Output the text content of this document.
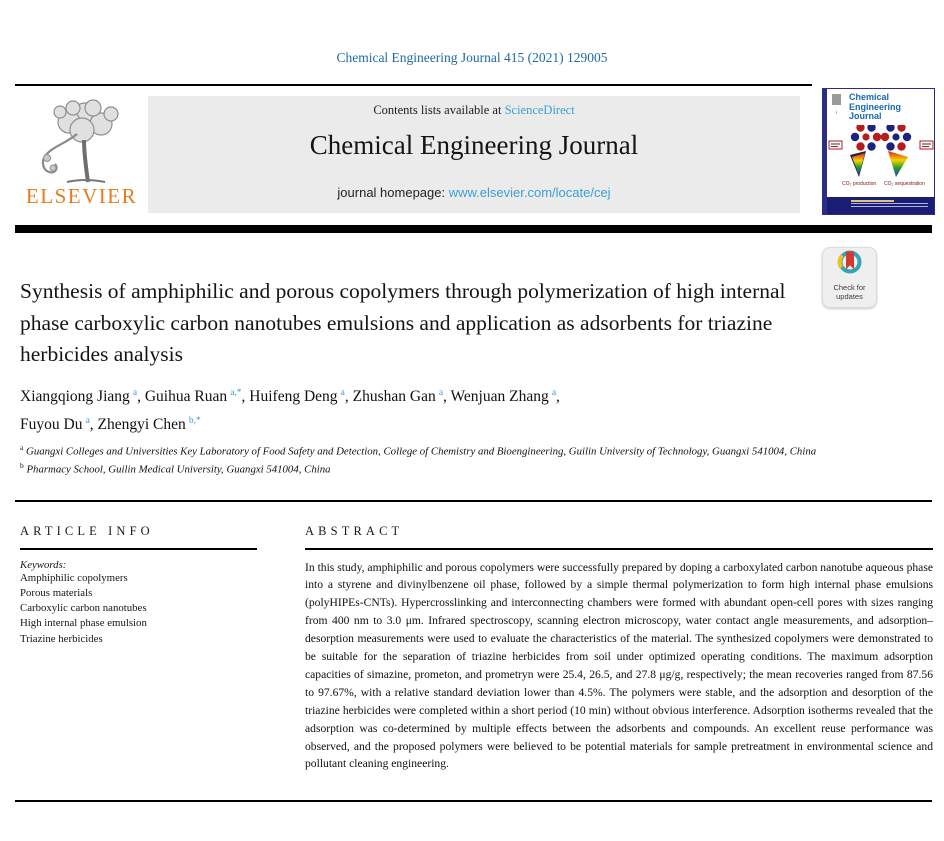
Chemical Engineering Journal 415 (2021) 129005
ELSEVIER
Contents lists available at ScienceDirect
Chemical Engineering Journal
journal homepage: www.elsevier.com/locate/cej
Chemical
Engineering
Journal
CO₂ production CO₂ sequestration
Synthesis of amphiphilic and porous copolymers through polymerization of high internal phase carboxylic carbon nanotubes emulsions and application as adsorbents for triazine herbicides analysis
Check for
updates
Xiangqiong Jiang  $^a$, Guihua Ruan  $^{a,*}$, Huifeng Deng  $^a$, Zhushan Gan  $^a$, Wenjuan Zhang  $^a$,
Fuyou Du  $^a$, Zhengyi Chen  $^{b,*}$
$^a$ Guangxi Colleges and Universities Key Laboratory of Food Safety and Detection, College of Chemistry and Bioengineering, Guilin University of Technology, Guangxi 541004, China
$^b$ Pharmacy School, Guilin Medical University, Guangxi 541004, China
ARTICLE INFO
Keywords:
Amphiphilic copolymers
Porous materials
Carboxylic carbon nanotubes
High internal phase emulsion
Triazine herbicides
ABSTRACT

In this study, amphiphilic and porous copolymers were successfully prepared by doping a carboxylated carbon nanotube aqueous phase into a styrene and divinylbenzene oil phase, followed by a simple thermal polymerization to form high internal phase emulsions (polyHIPEs-CNTs). Hypercrosslinking and interconnecting chambers were formed with abundant open-cell pores with sizes ranging from 400 nm to 3.0 μm. Infrared spectroscopy, scanning electron microscopy, water contact angle measurements, and adsorption–desorption measurements were used to evaluate the characteristics of the material. The synthesized copolymers were demonstrated to be suitable for the separation of triazine herbicides from soil under optimized operating conditions. The maximum adsorption capacities of simazine, prometon, and prometryn were 25.4, 26.5, and 27.8 μg/g, respectively; the mean recoveries ranged from 87.56 to 97.67%, with a relative standard deviation lower than 4.5%. The polymers were stable, and the adsorption and desorption of the triazine herbicides were completed within a short period (10 min) without obvious interference. Adsorption isotherms revealed that the adsorption was co-determined by multiple effects between the adsorbents and compounds. An excellent reuse performance was observed, and the proposed polymers were believed to be potential materials for sample pretreatment in environmental science and pollutant cleaning engineering.
